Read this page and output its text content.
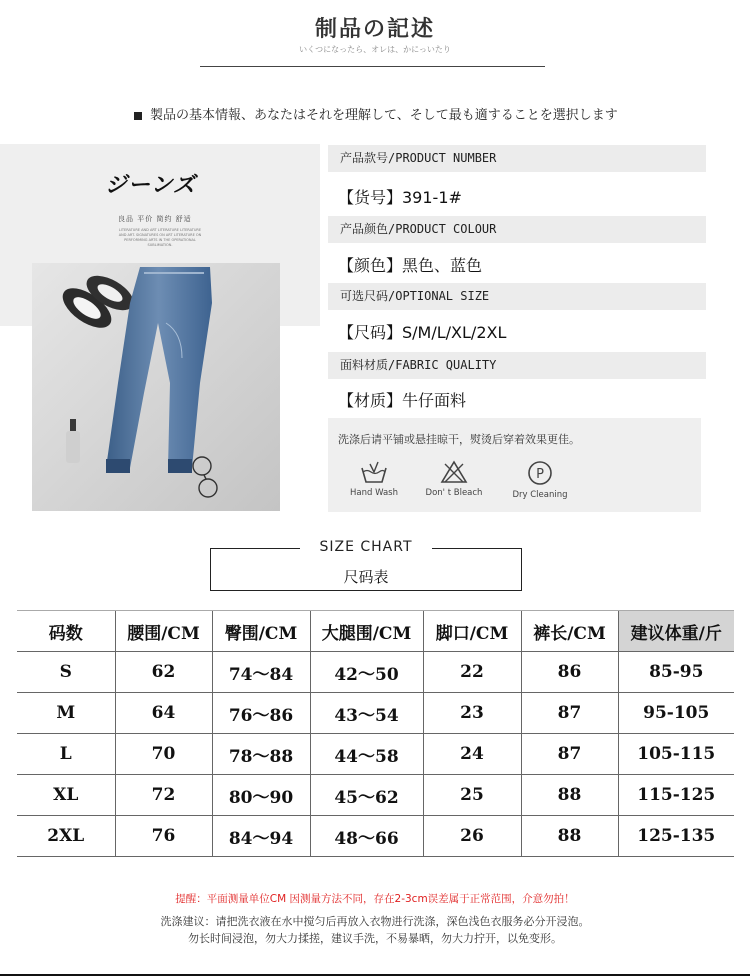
制品の記述
いくつになったら、オレは、かにっいたり
製品の基本情報、あなたはそれを理解して、そして最も適することを選択します
ジーンズ
良品 平价 简约 舒适
LITERATURE AND ART LITERATURE LITERATURE AND ART. SIGNATURES ON ART LITERATURE ON PERFORMING ARTS IN THE OPERATIONAL SUBLIMATION.
产品款号/PRODUCT NUMBER
【货号】391-1#
产品颜色/PRODUCT COLOUR
【颜色】黑色、蓝色
可选尺码/OPTIONAL SIZE
【尺码】S/M/L/XL/2XL
面料材质/FABRIC QUALITY
【材质】牛仔面料
洗涤后请平铺或悬挂晾干，熨烫后穿着效果更佳。
Hand Wash	Don' t Bleach
P
Dry Cleaning
SIZE CHART
尺码表
码数	腰围/CM	臀围/CM	大腿围/CM	脚口/CM	裤长/CM	建议体重/斤
S	62	74～84	42～50	22	86	85-95
M	64	76～86	43～54	23	87	95-105
L	70	78～88	44～58	24	87	105-115
XL	72	80～90	45～62	25	88	115-125
2XL	76	84～94	48～66	26	88	125-135
提醒：平面测量单位CM 因测量方法不同，存在2-3cm误差属于正常范围，介意勿拍！
洗涤建议：请把洗衣液在水中搅匀后再放入衣物进行洗涤，深色浅色衣服务必分开浸泡。
勿长时间浸泡，勿大力揉搓，建议手洗，不易暴晒，勿大力拧开，以免变形。
